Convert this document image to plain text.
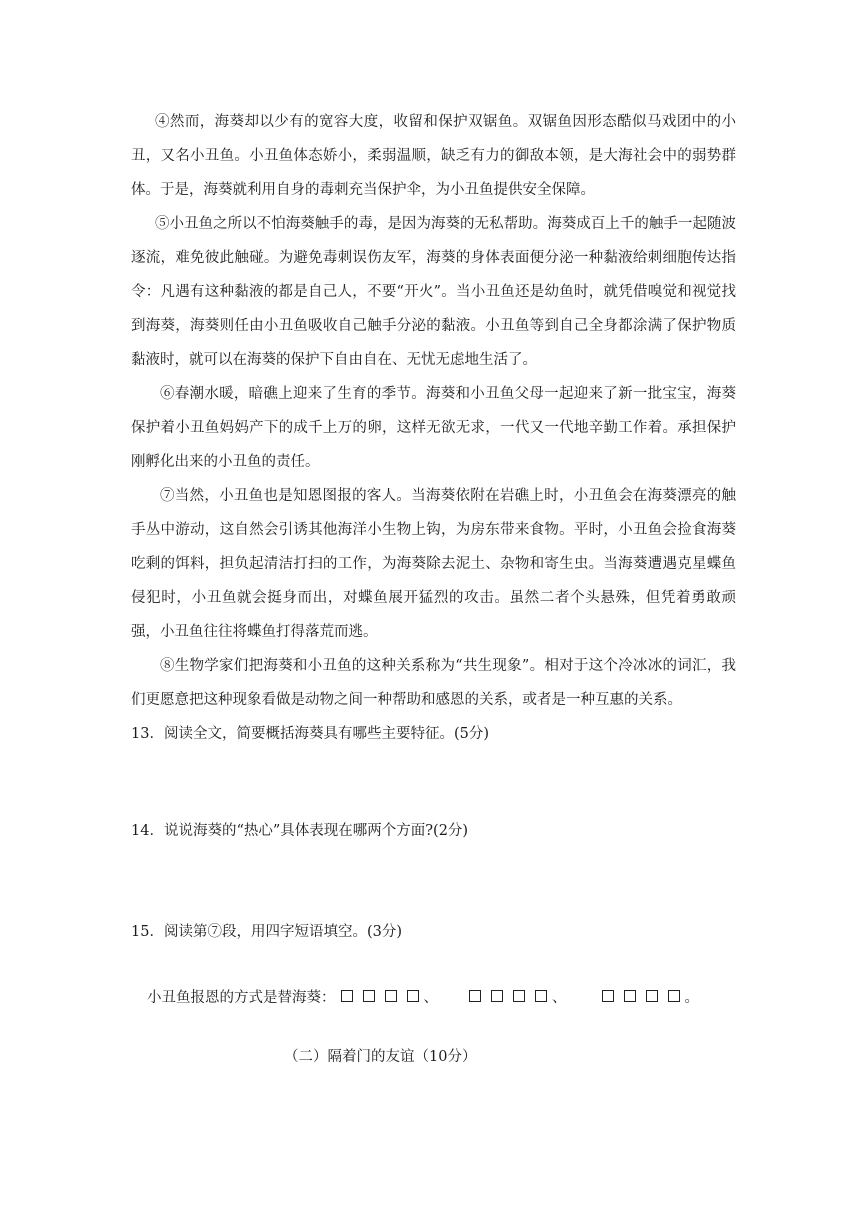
④然而，海葵却以少有的宽容大度，收留和保护双锯鱼。双锯鱼因形态酷似马戏团中的小丑，又名小丑鱼。小丑鱼体态娇小，柔弱温顺，缺乏有力的御敌本领，是大海社会中的弱势群体。于是，海葵就利用自身的毒刺充当保护伞，为小丑鱼提供安全保障。

⑤小丑鱼之所以不怕海葵触手的毒，是因为海葵的无私帮助。海葵成百上千的触手一起随波逐流，难免彼此触碰。为避免毒刺误伤友军，海葵的身体表面便分泌一种黏液给刺细胞传达指令：凡遇有这种黏液的都是自己人，不要“开火”。当小丑鱼还是幼鱼时，就凭借嗅觉和视觉找到海葵，海葵则任由小丑鱼吸收自己触手分泌的黏液。小丑鱼等到自己全身都涂满了保护物质黏液时，就可以在海葵的保护下自由自在、无忧无虑地生活了。

⑥春潮水暖，暗礁上迎来了生育的季节。海葵和小丑鱼父母一起迎来了新一批宝宝，海葵保护着小丑鱼妈妈产下的成千上万的卵，这样无欲无求，一代又一代地辛勤工作着。承担保护刚孵化出来的小丑鱼的责任。

⑦当然，小丑鱼也是知恩图报的客人。当海葵依附在岩礁上时，小丑鱼会在海葵漂亮的触手丛中游动，这自然会引诱其他海洋小生物上钩，为房东带来食物。平时，小丑鱼会捡食海葵吃剩的饵料，担负起清洁打扫的工作，为海葵除去泥土、杂物和寄生虫。当海葵遭遇克星蝶鱼侵犯时，小丑鱼就会挺身而出，对蝶鱼展开猛烈的攻击。虽然二者个头悬殊，但凭着勇敢顽强，小丑鱼往往将蝶鱼打得落荒而逃。

⑧生物学家们把海葵和小丑鱼的这种关系称为“共生现象”。相对于这个冷冰冰的词汇，我们更愿意把这种现象看做是动物之间一种帮助和感恩的关系，或者是一种互惠的关系。

13．阅读全文，简要概括海葵具有哪些主要特征。(5分)

14．说说海葵的“热心”具体表现在哪两个方面?(2分)

15．阅读第⑦段，用四字短语填空。(3分)

小丑鱼报恩的方式是替海葵：	、	、	。

（二）隔着门的友谊（10分）
